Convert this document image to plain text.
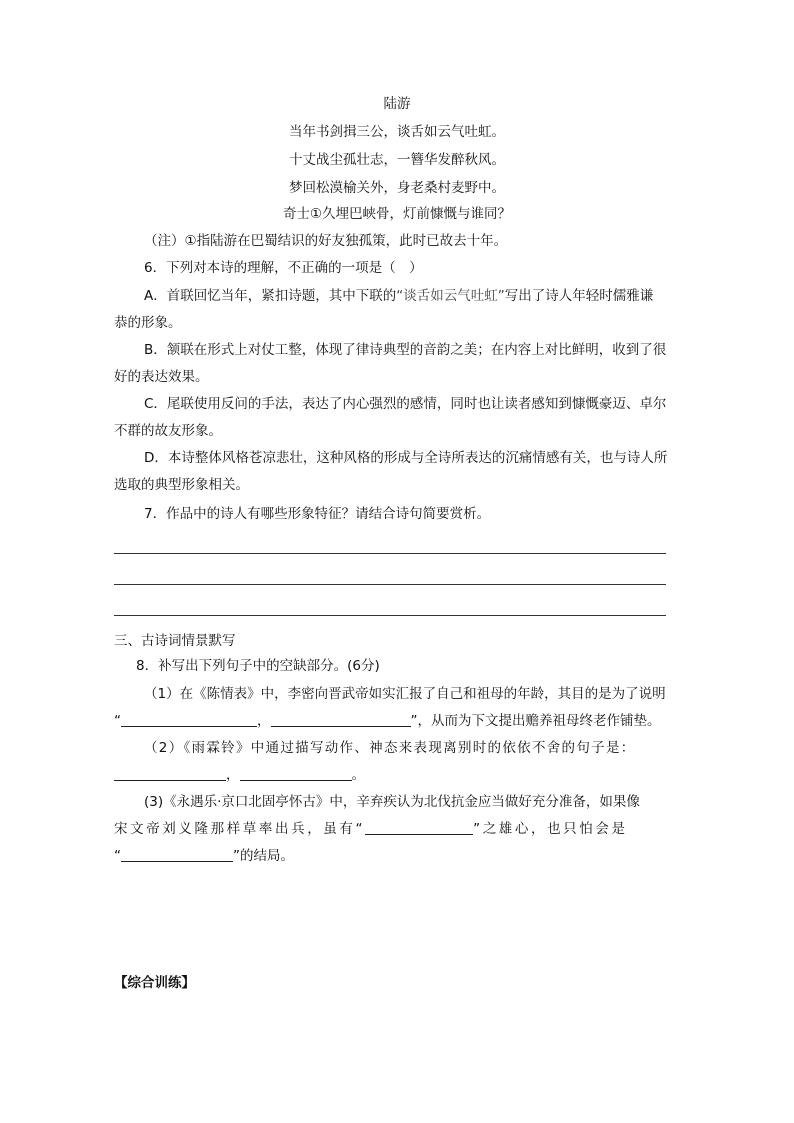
陆游
当年书剑揖三公，谈舌如云气吐虹。
十丈战尘孤壮志，一簪华发醉秋风。
梦回松漠榆关外，身老桑村麦野中。
奇士①久埋巴峡骨，灯前慷慨与谁同？
（注）①指陆游在巴蜀结识的好友独孤策，此时已故去十年。
6．下列对本诗的理解，不正确的一项是（　）
A．首联回忆当年，紧扣诗题，其中下联的“谈舌如云气吐虹”写出了诗人年轻时儒雅谦
恭的形象。
B．颔联在形式上对仗工整，体现了律诗典型的音韵之美；在内容上对比鲜明，收到了很
好的表达效果。
C．尾联使用反问的手法，表达了内心强烈的感情，同时也让读者感知到慷慨豪迈、卓尔
不群的故友形象。
D．本诗整体风格苍凉悲壮，这种风格的形成与全诗所表达的沉痛情感有关，也与诗人所
选取的典型形象相关。
7．作品中的诗人有哪些形象特征？请结合诗句简要赏析。
三、古诗词情景默写
8．补写出下列句子中的空缺部分。(6分)
（1）在《陈情表》中，李密向晋武帝如实汇报了自己和祖母的年龄，其目的是为了说明
“	，	”，从而为下文提出赡养祖母终老作铺垫。
（2）《雨霖铃》中通过描写动作、神态来表现离别时的依依不舍的句子是：
，	。
(3)《永遇乐·京口北固亭怀古》中，辛弃疾认为北伐抗金应当做好充分准备，如果像
宋文帝刘义隆那样草率出兵，虽有“	”之雄心，也只怕会是
“	”的结局。
【综合训练】
